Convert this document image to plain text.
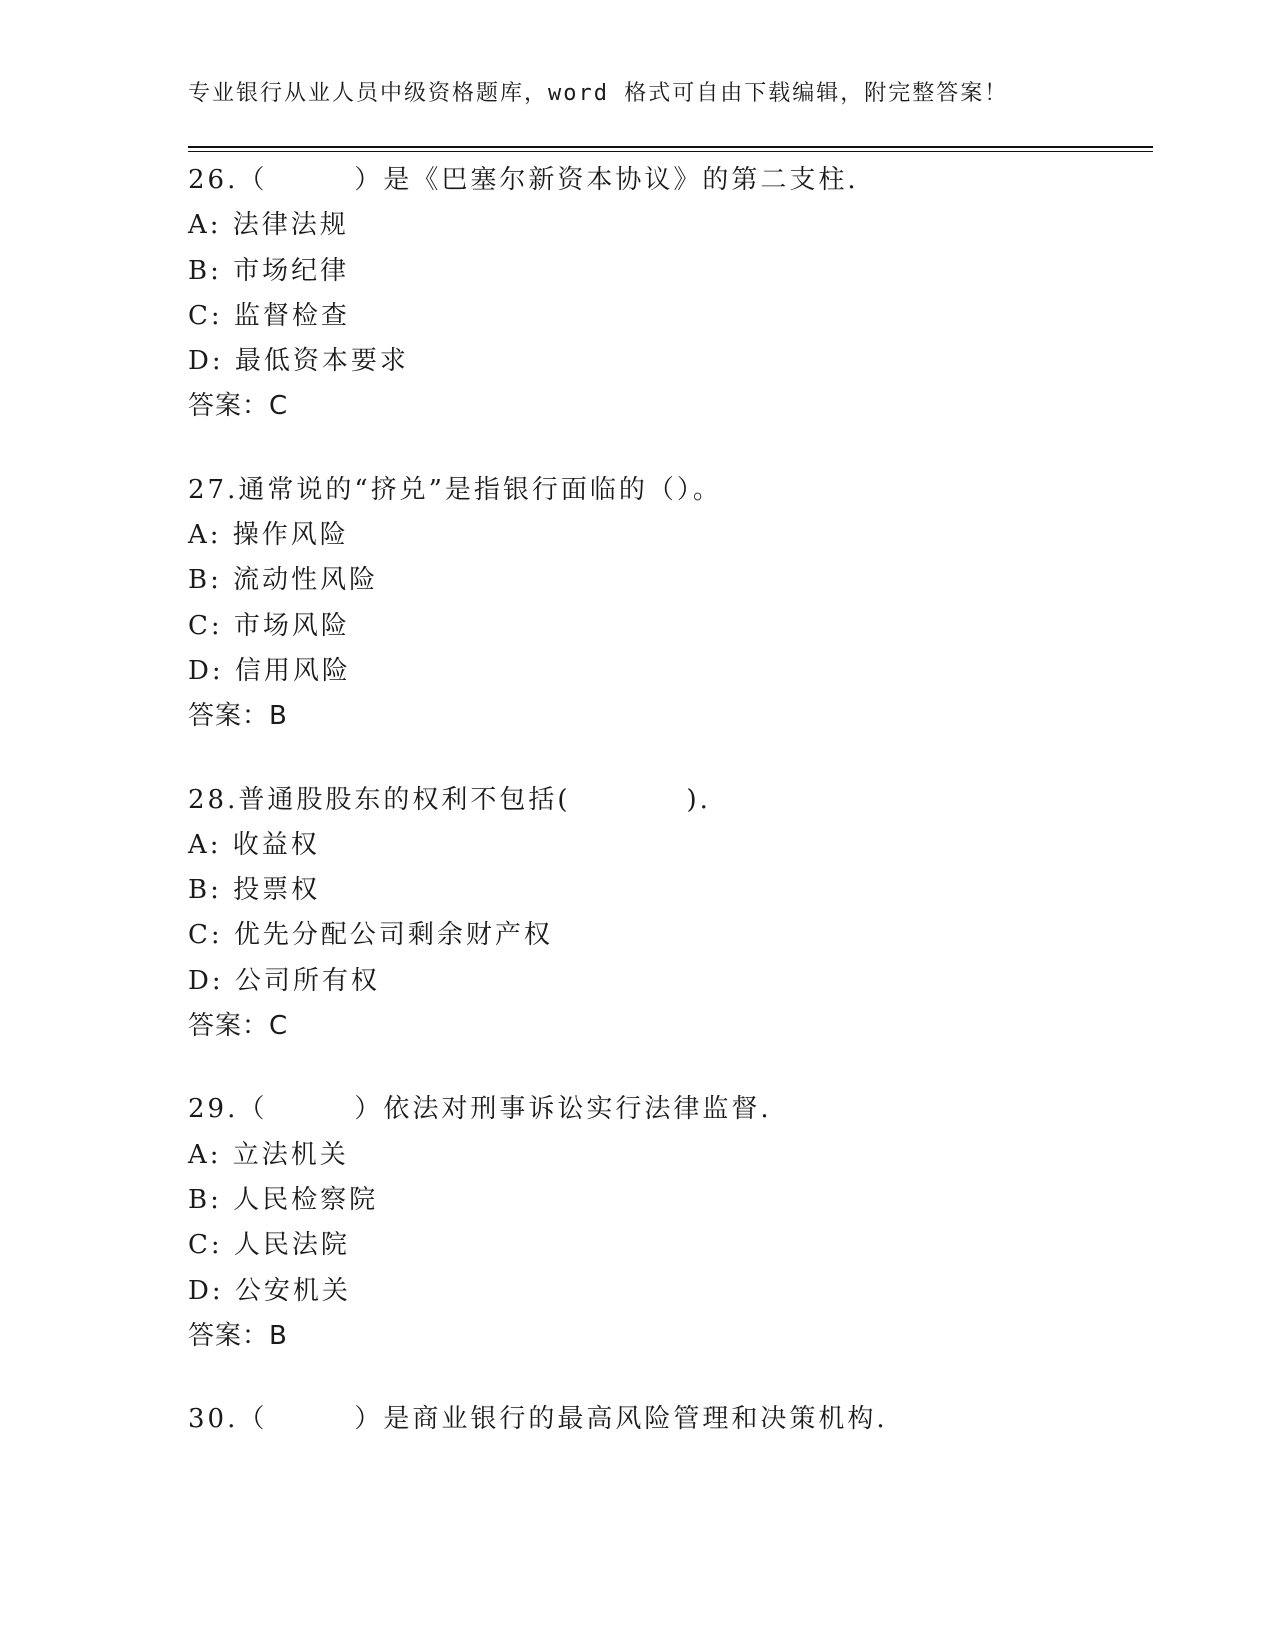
专业银行从业人员中级资格题库，word 格式可自由下载编辑，附完整答案！
26.（　　　）是《巴塞尔新资本协议》的第二支柱.
A: 法律法规
B: 市场纪律
C: 监督检查
D: 最低资本要求
答案：C
27.通常说的“挤兑”是指银行面临的（）。
A: 操作风险
B: 流动性风险
C: 市场风险
D: 信用风险
答案：B
28.普通股股东的权利不包括(　　　　).
A: 收益权
B: 投票权
C: 优先分配公司剩余财产权
D: 公司所有权
答案：C
29.（　　　）依法对刑事诉讼实行法律监督.
A: 立法机关
B: 人民检察院
C: 人民法院
D: 公安机关
答案：B
30.（　　　）是商业银行的最高风险管理和决策机构.
